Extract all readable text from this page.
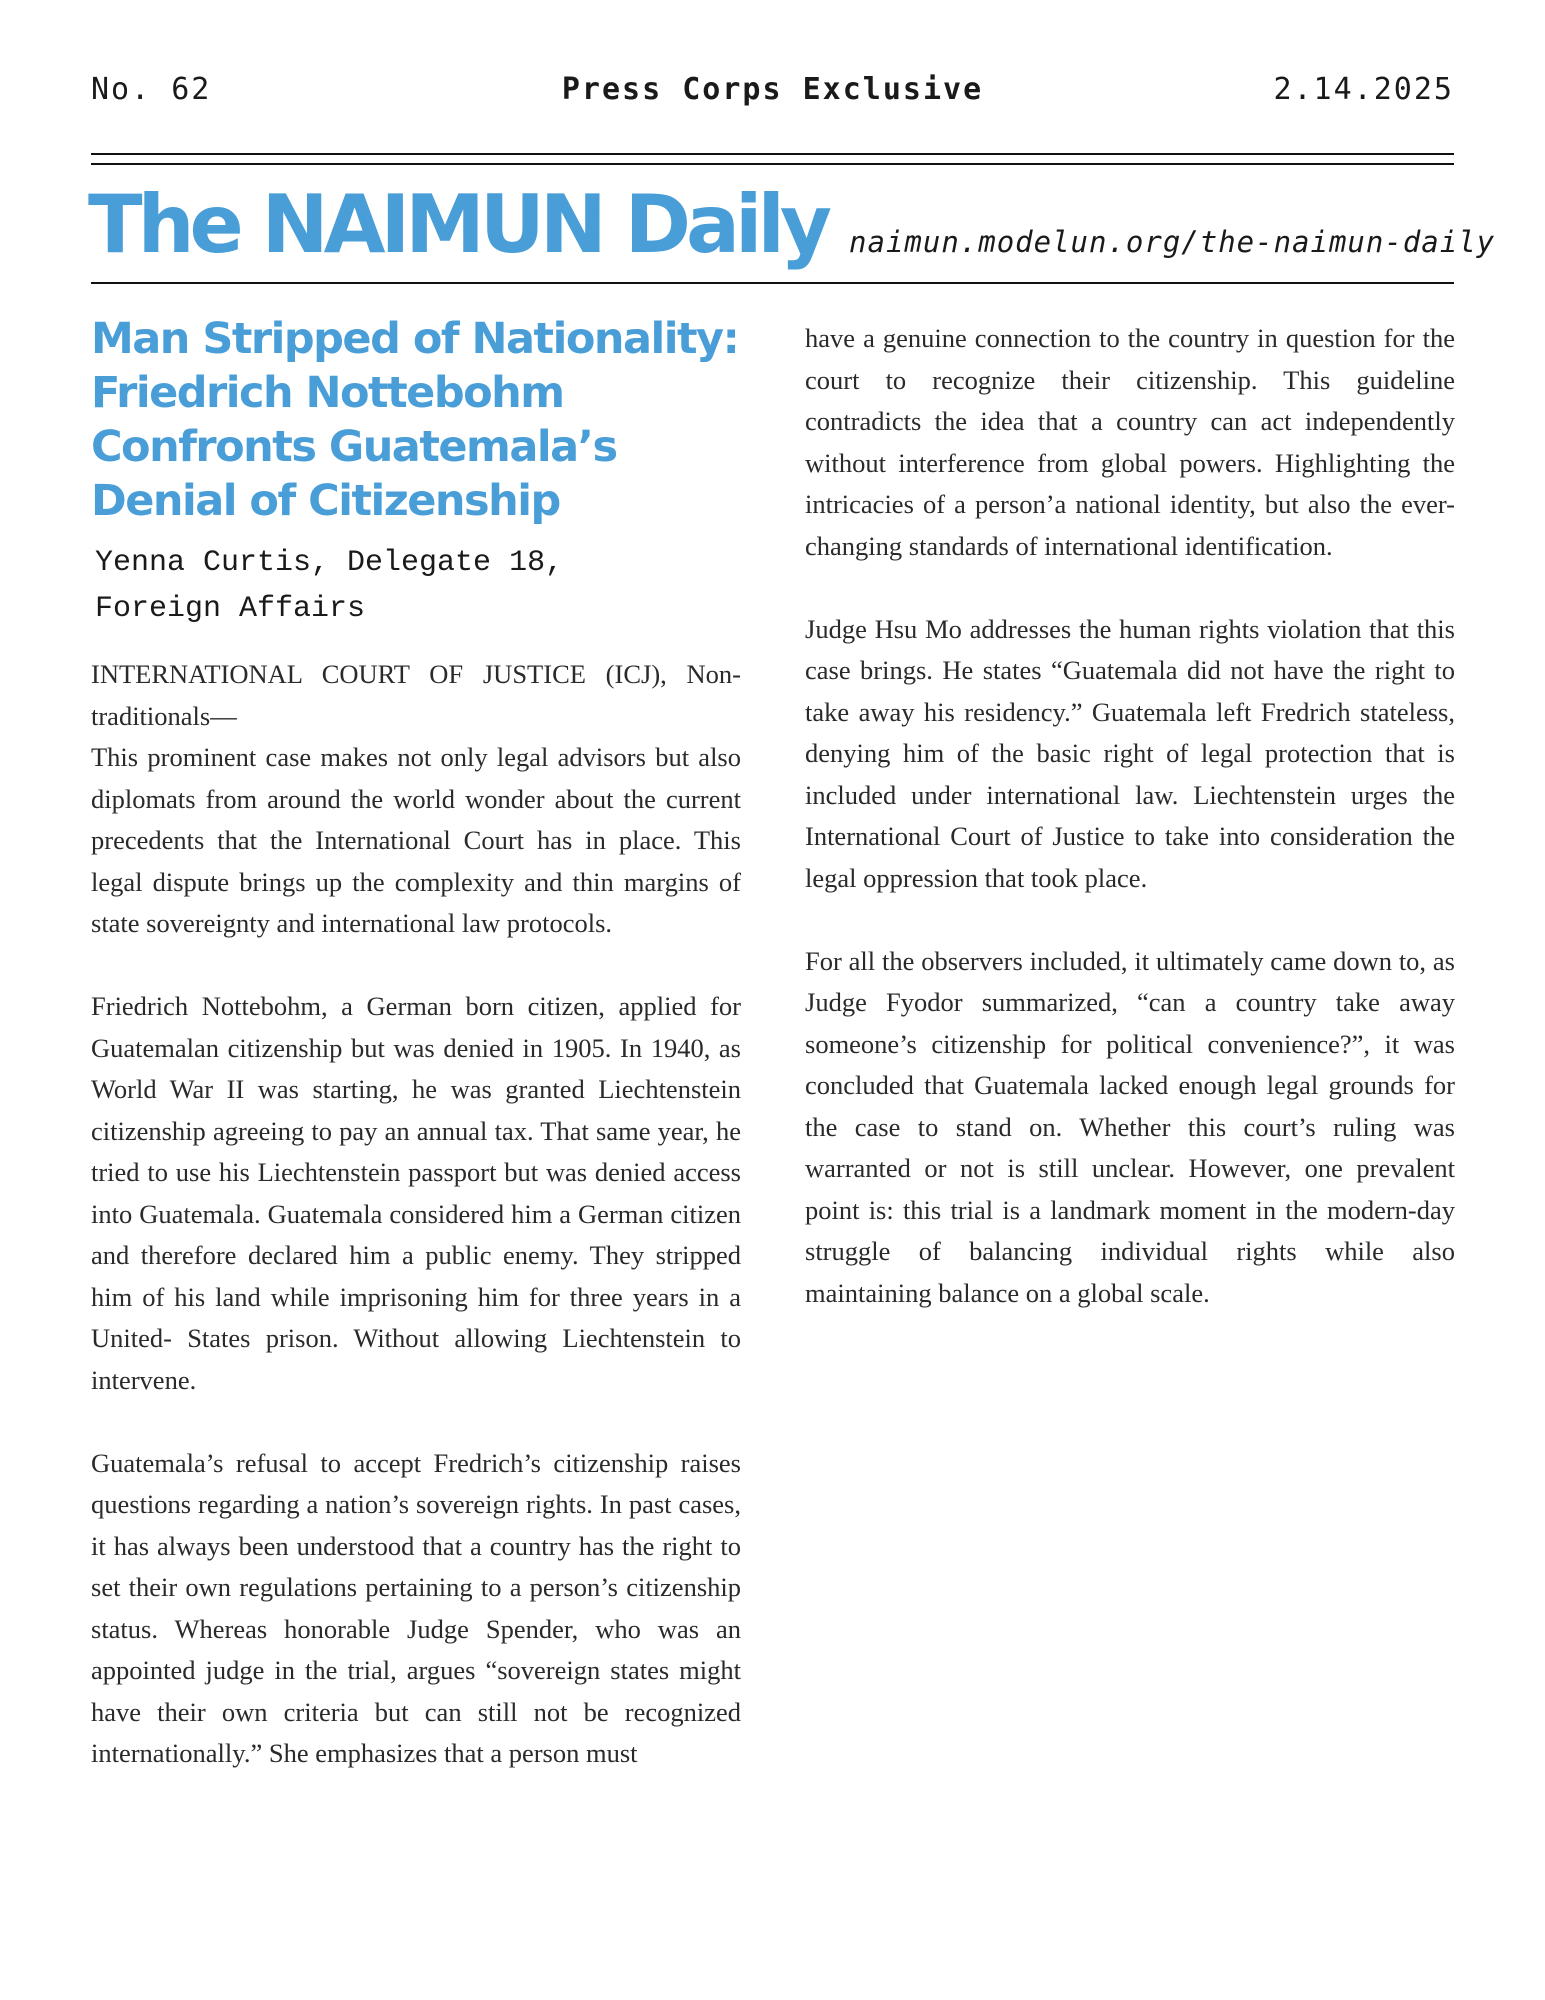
No. 62	Press Corps Exclusive	2.14.2025
The NAIMUN Daily naimun.modelun.org/the-naimun-daily
Man Stripped of Nationality: Friedrich Nottebohm Confronts Guatemala’s Denial of Citizenship
Yenna Curtis, Delegate 18,
Foreign Affairs

INTERNATIONAL COURT OF JUSTICE (ICJ), Non-traditionals—

This prominent case makes not only legal advisors but also diplomats from around the world wonder about the current precedents that the International Court has in place. This legal dispute brings up the complexity and thin margins of state sovereignty and international law protocols.

Friedrich Nottebohm, a German born citizen, applied for Guatemalan citizenship but was denied in 1905. In 1940, as World War II was starting, he was granted Liechtenstein citizenship agreeing to pay an annual tax. That same year, he tried to use his Liechtenstein passport but was denied access into Guatemala. Guatemala considered him a German citizen and therefore declared him a public enemy. They stripped him of his land while imprisoning him for three years in a United- States prison. Without allowing Liechtenstein to intervene.

Guatemala’s refusal to accept Fredrich’s citizenship raises questions regarding a nation’s sovereign rights. In past cases, it has always been understood that a country has the right to set their own regulations pertaining to a person’s citizenship status. Whereas honorable Judge Spender, who was an appointed judge in the trial, argues “sovereign states might have their own criteria but can still not be recognized internationally.” She emphasizes that a person must

have a genuine connection to the country in question for the court to recognize their citizenship. This guideline contradicts the idea that a country can act independently without interference from global powers. Highlighting the intricacies of a person’a national identity, but also the ever-changing standards of international identification.

Judge Hsu Mo addresses the human rights violation that this case brings. He states “Guatemala did not have the right to take away his residency.” Guatemala left Fredrich stateless, denying him of the basic right of legal protection that is included under international law. Liechtenstein urges the International Court of Justice to take into consideration the legal oppression that took place.

For all the observers included, it ultimately came down to, as Judge Fyodor summarized, “can a country take away someone’s citizenship for political convenience?”, it was concluded that Guatemala lacked enough legal grounds for the case to stand on. Whether this court’s ruling was warranted or not is still unclear. However, one prevalent point is: this trial is a landmark moment in the modern-day struggle of balancing individual rights while also maintaining balance on a global scale.
